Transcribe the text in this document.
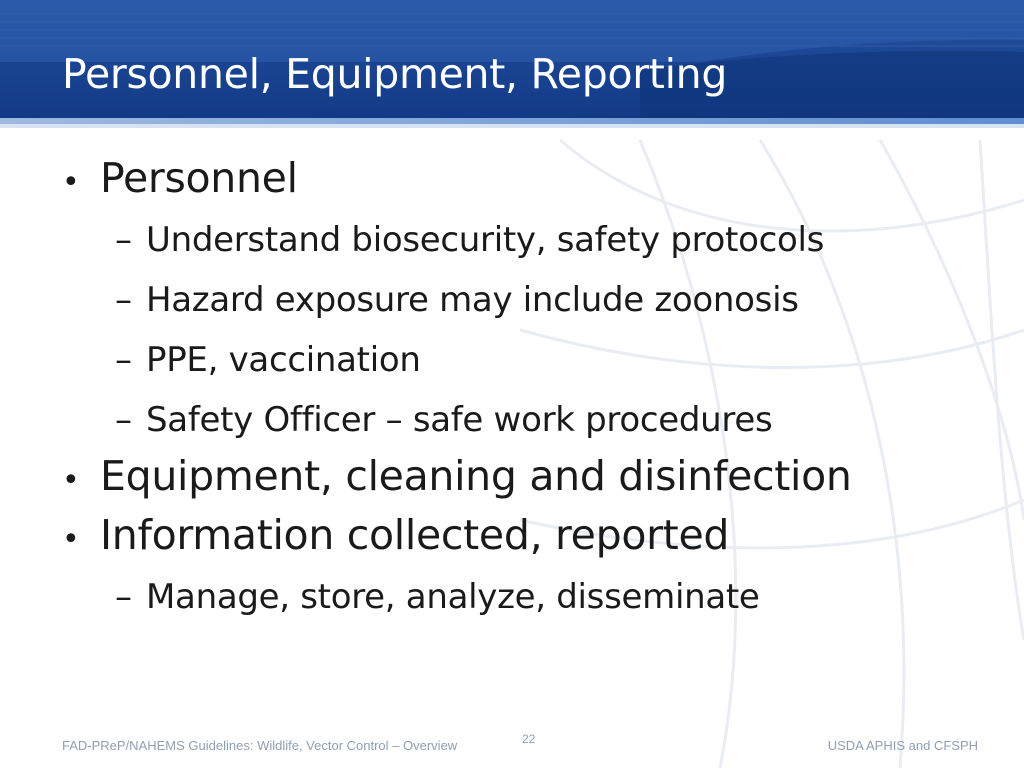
Personnel, Equipment, Reporting

• Personnel

– Understand biosecurity, safety protocols

– Hazard exposure may include zoonosis

– PPE, vaccination

– Safety Officer – safe work procedures

• Equipment, cleaning and disinfection

• Information collected, reported

– Manage, store, analyze, disseminate

FAD-PReP/NAHEMS Guidelines: Wildlife, Vector Control – Overview	22	USDA APHIS and CFSPH
